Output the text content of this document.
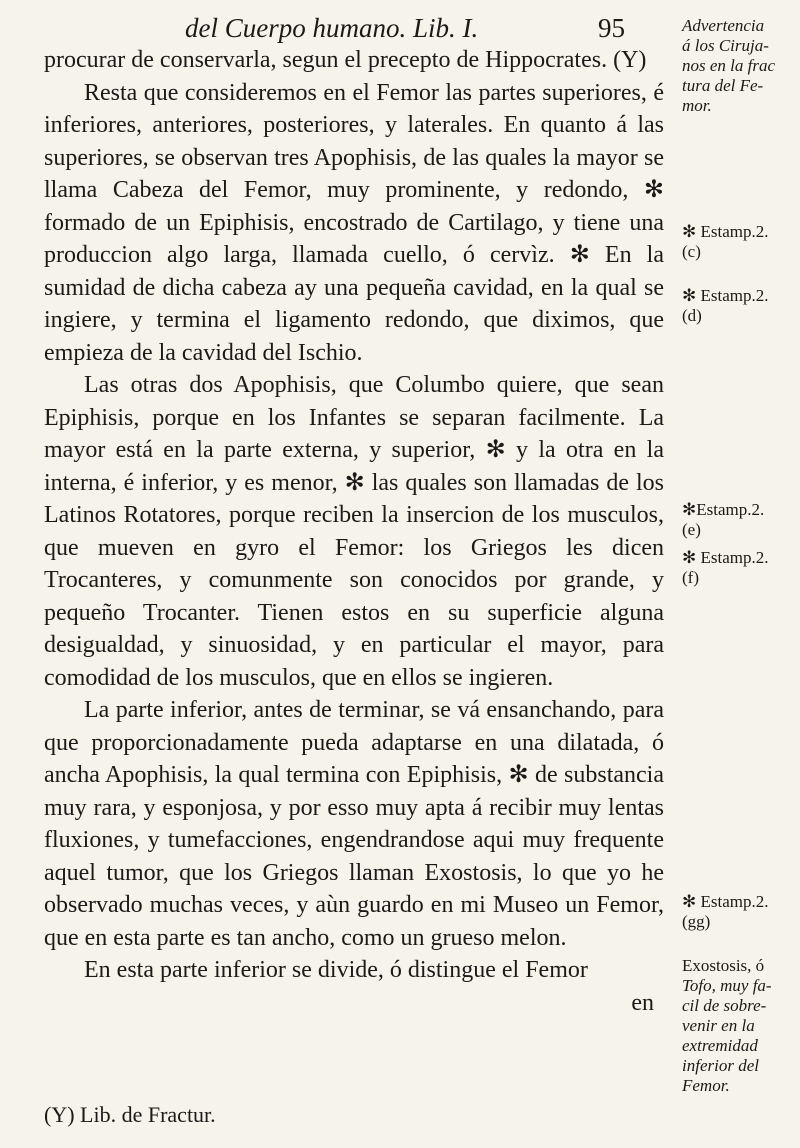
del Cuerpo humano. Lib. I.	95

procurar de conservarla, segun el precepto de Hippocrates. (Y)

Resta que consideremos en el Femor las partes superiores, é inferiores, anteriores, posteriores, y laterales. En quanto á las superiores, se observan tres Apophisis, de las quales la mayor se llama Cabeza del Femor, muy prominente, y redondo, ✻ formado de un Epiphisis, encostrado de Cartilago, y tiene una produccion algo larga, llamada cuello, ó cervìz. ✻ En la sumidad de dicha cabeza ay una pequeña cavidad, en la qual se ingiere, y termina el ligamento redondo, que diximos, que empieza de la cavidad del Ischio.

Las otras dos Apophisis, que Columbo quiere, que sean Epiphisis, porque en los Infantes se separan facilmente. La mayor está en la parte externa, y superior, ✻ y la otra en la interna, é inferior, y es menor, ✻ las quales son llamadas de los Latinos Rotatores, porque reciben la insercion de los musculos, que mueven en gyro el Femor: los Griegos les dicen Trocanteres, y comunmente son conocidos por grande, y pequeño Trocanter. Tienen estos en su superficie alguna desigualdad, y sinuosidad, y en particular el mayor, para comodidad de los musculos, que en ellos se ingieren.

La parte inferior, antes de terminar, se vá ensanchando, para que proporcionadamente pueda adaptarse en una dilatada, ó ancha Apophisis, la qual termina con Epiphisis, ✻ de substancia muy rara, y esponjosa, y por esso muy apta á recibir muy lentas fluxiones, y tumefacciones, engendrandose aqui muy frequente aquel tumor, que los Griegos llaman Exostosis, lo que yo he observado muchas veces, y aùn guardo en mi Museo un Femor, que en esta parte es tan ancho, como un grueso melon.

En esta parte inferior se divide, ó distingue el Femor

en

(Y) Lib. de Fractur.
Advertencia
á los Ciruja-
nos en la frac
tura del Fe-
mor.
✻ Estamp.2.
(c)
✻ Estamp.2.
(d)
✻Estamp.2.
(e)
✻ Estamp.2.
(f)
✻ Estamp.2.
(gg)
Exostosis, ó
Tofo, muy fa-
cil de sobre-
venir en la
extremidad
inferior del
Femor.
